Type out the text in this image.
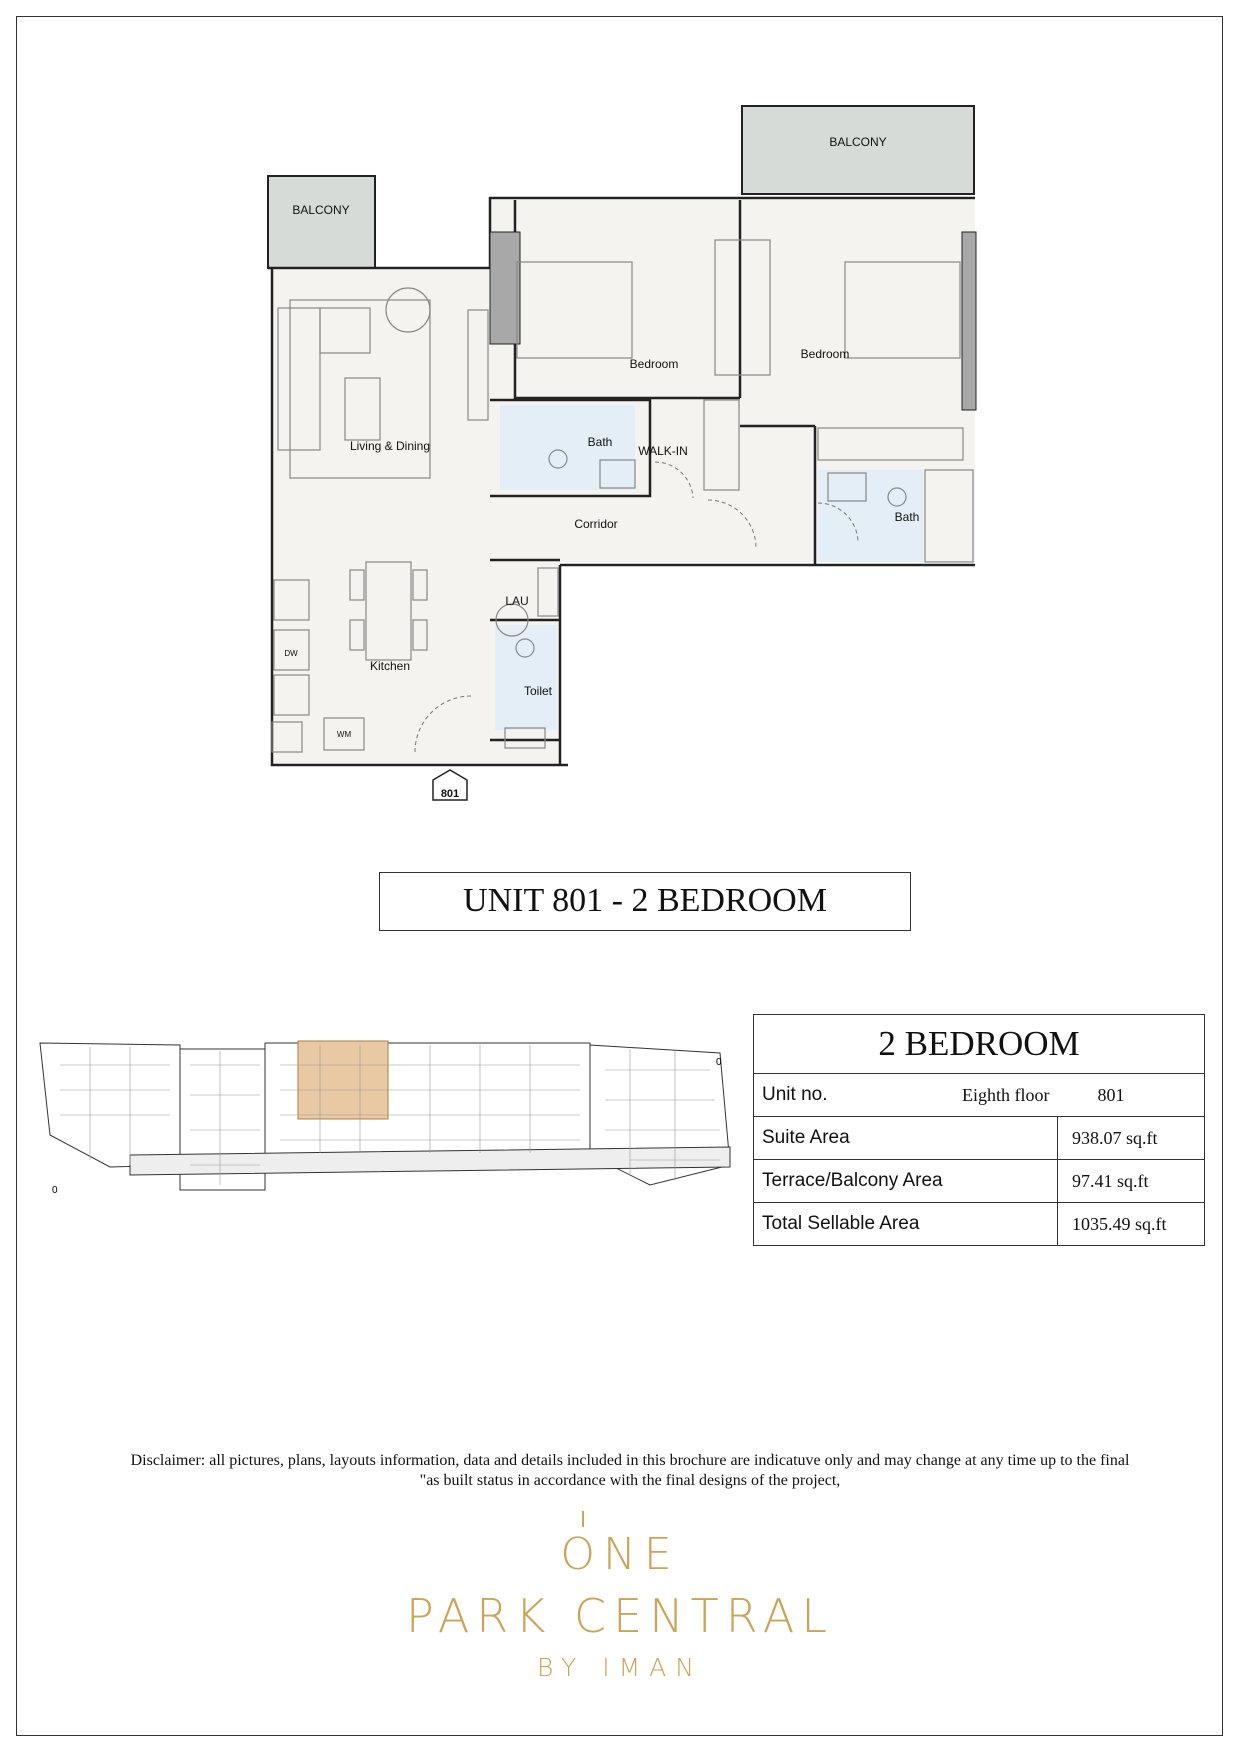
BALCONY
BALCONY
Bedroom
Bedroom
Living & Dining	Bath
WALK-IN
Corridor	Bath
LAU
Kitchen
Toilet
DW
WM
801
UNIT 801 - 2 BEDROOM
0
0	2 BEDROOM		
Unit no.	Eighth floor	801
Suite Area		938.07 sq.ft
Terrace/Balcony Area		97.41 sq.ft
Total Sellable Area		1035.49 sq.ft
Disclaimer: all pictures, plans, layouts information, data and details included in this brochure are indicatuve only and may change at any time up to the final
"as built status in accordance with the final designs of the project,
ONE
PARK CENTRAL
BY IMAN
